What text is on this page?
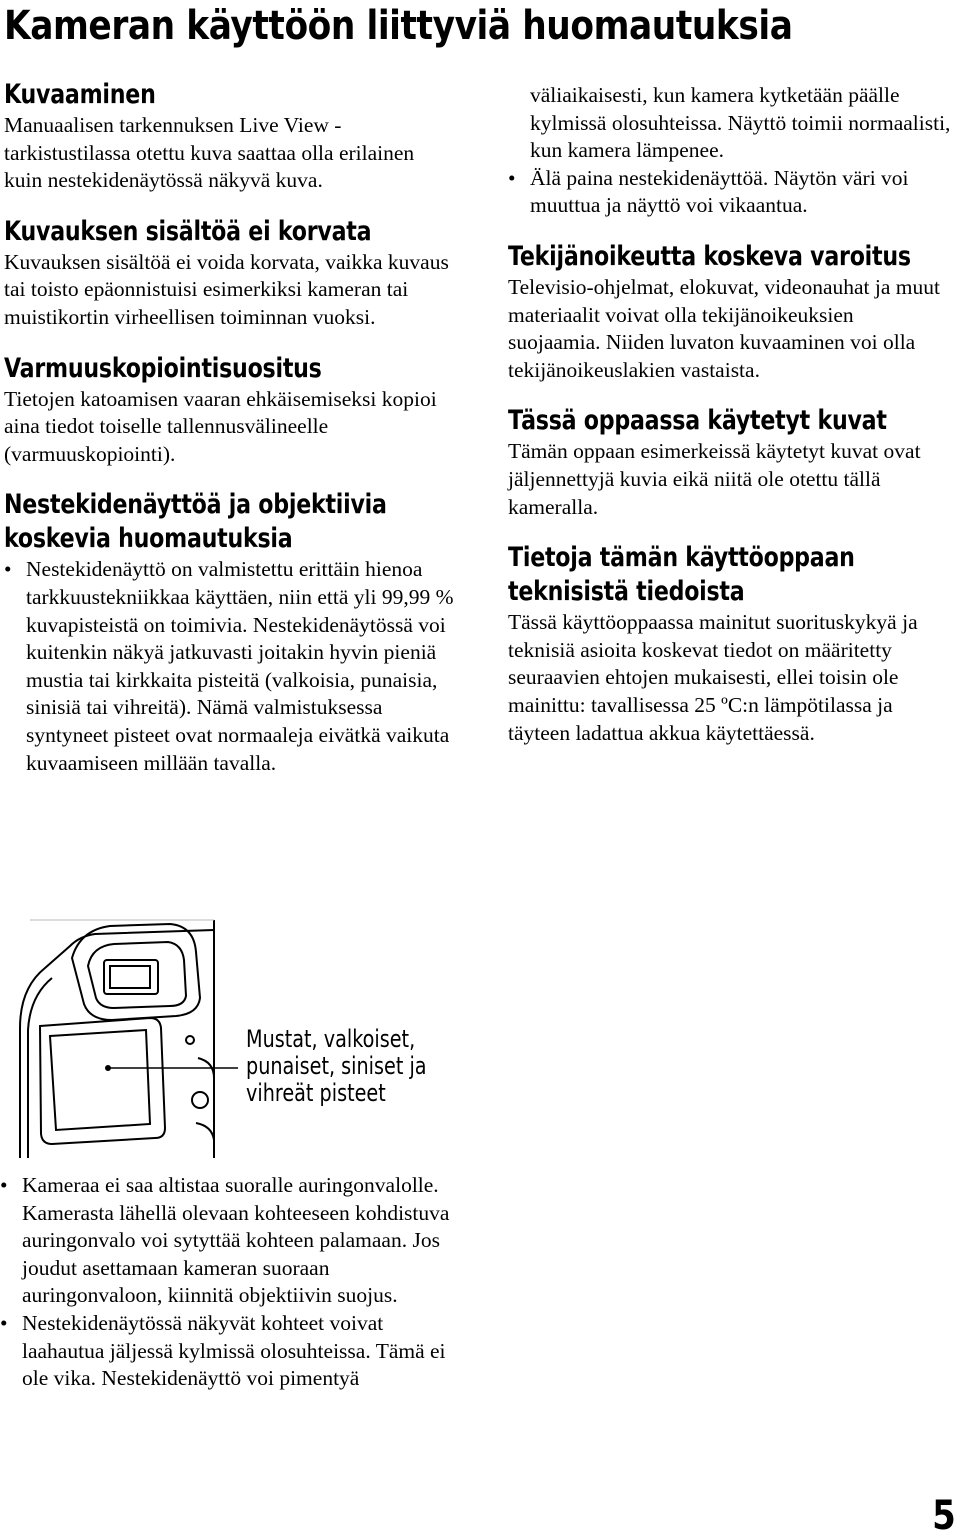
Kameran käyttöön liittyviä huomautuksia
Kuvaaminen

Manuaalisen tarkennuksen Live View -tarkistustilassa otettu kuva saattaa olla erilainen kuin nestekidenäytössä näkyvä kuva.

Kuvauksen sisältöä ei korvata

Kuvauksen sisältöä ei voida korvata, vaikka kuvaus tai toisto epäonnistuisi esimerkiksi kameran tai muistikortin virheellisen toiminnan vuoksi.

Varmuuskopiointisuositus

Tietojen katoamisen vaaran ehkäisemiseksi kopioi aina tiedot toiselle tallennusvälineelle (varmuuskopiointi).

Nestekidenäyttöä ja objektiivia
koskevia huomautuksia
• Nestekidenäyttö on valmistettu erittäin hienoa tarkkuustekniikkaa käyttäen, niin että yli 99,99 % kuvapisteistä on toimivia. Nestekidenäytössä voi kuitenkin näkyä jatkuvasti joitakin hyvin pieniä mustia tai kirkkaita pisteitä (valkoisia, punaisia, sinisiä tai vihreitä). Nämä valmistuksessa syntyneet pisteet ovat normaaleja eivätkä vaikuta kuvaamiseen millään tavalla.
Mustat, valkoiset,
punaiset, siniset ja
vihreät pisteet
• Kameraa ei saa altistaa suoralle auringonvalolle. Kamerasta lähellä olevaan kohteeseen kohdistuva auringonvalo voi sytyttää kohteen palamaan. Jos joudut asettamaan kameran suoraan auringonvaloon, kiinnitä objektiivin suojus.
• Nestekidenäytössä näkyvät kohteet voivat laahautua jäljessä kylmissä olosuhteissa. Tämä ei ole vika. Nestekidenäyttö voi pimentyä

väliaikaisesti, kun kamera kytketään päälle kylmissä olosuhteissa. Näyttö toimii normaalisti, kun kamera lämpenee.

• Älä paina nestekidenäyttöä. Näytön väri voi muuttua ja näyttö voi vikaantua.
Tekijänoikeutta koskeva varoitus

Televisio-ohjelmat, elokuvat, videonauhat ja muut materiaalit voivat olla tekijänoikeuksien suojaamia. Niiden luvaton kuvaaminen voi olla tekijänoikeuslakien vastaista.

Tässä oppaassa käytetyt kuvat

Tämän oppaan esimerkeissä käytetyt kuvat ovat jäljennettyjä kuvia eikä niitä ole otettu tällä kameralla.

Tietoja tämän käyttöoppaan
teknisistä tiedoista

Tässä käyttöoppaassa mainitut suorituskykyä ja teknisiä asioita koskevat tiedot on määritetty seuraavien ehtojen mukaisesti, ellei toisin ole mainittu: tavallisessa 25 ºC:n lämpötilassa ja täyteen ladattua akkua käytettäessä.

5
